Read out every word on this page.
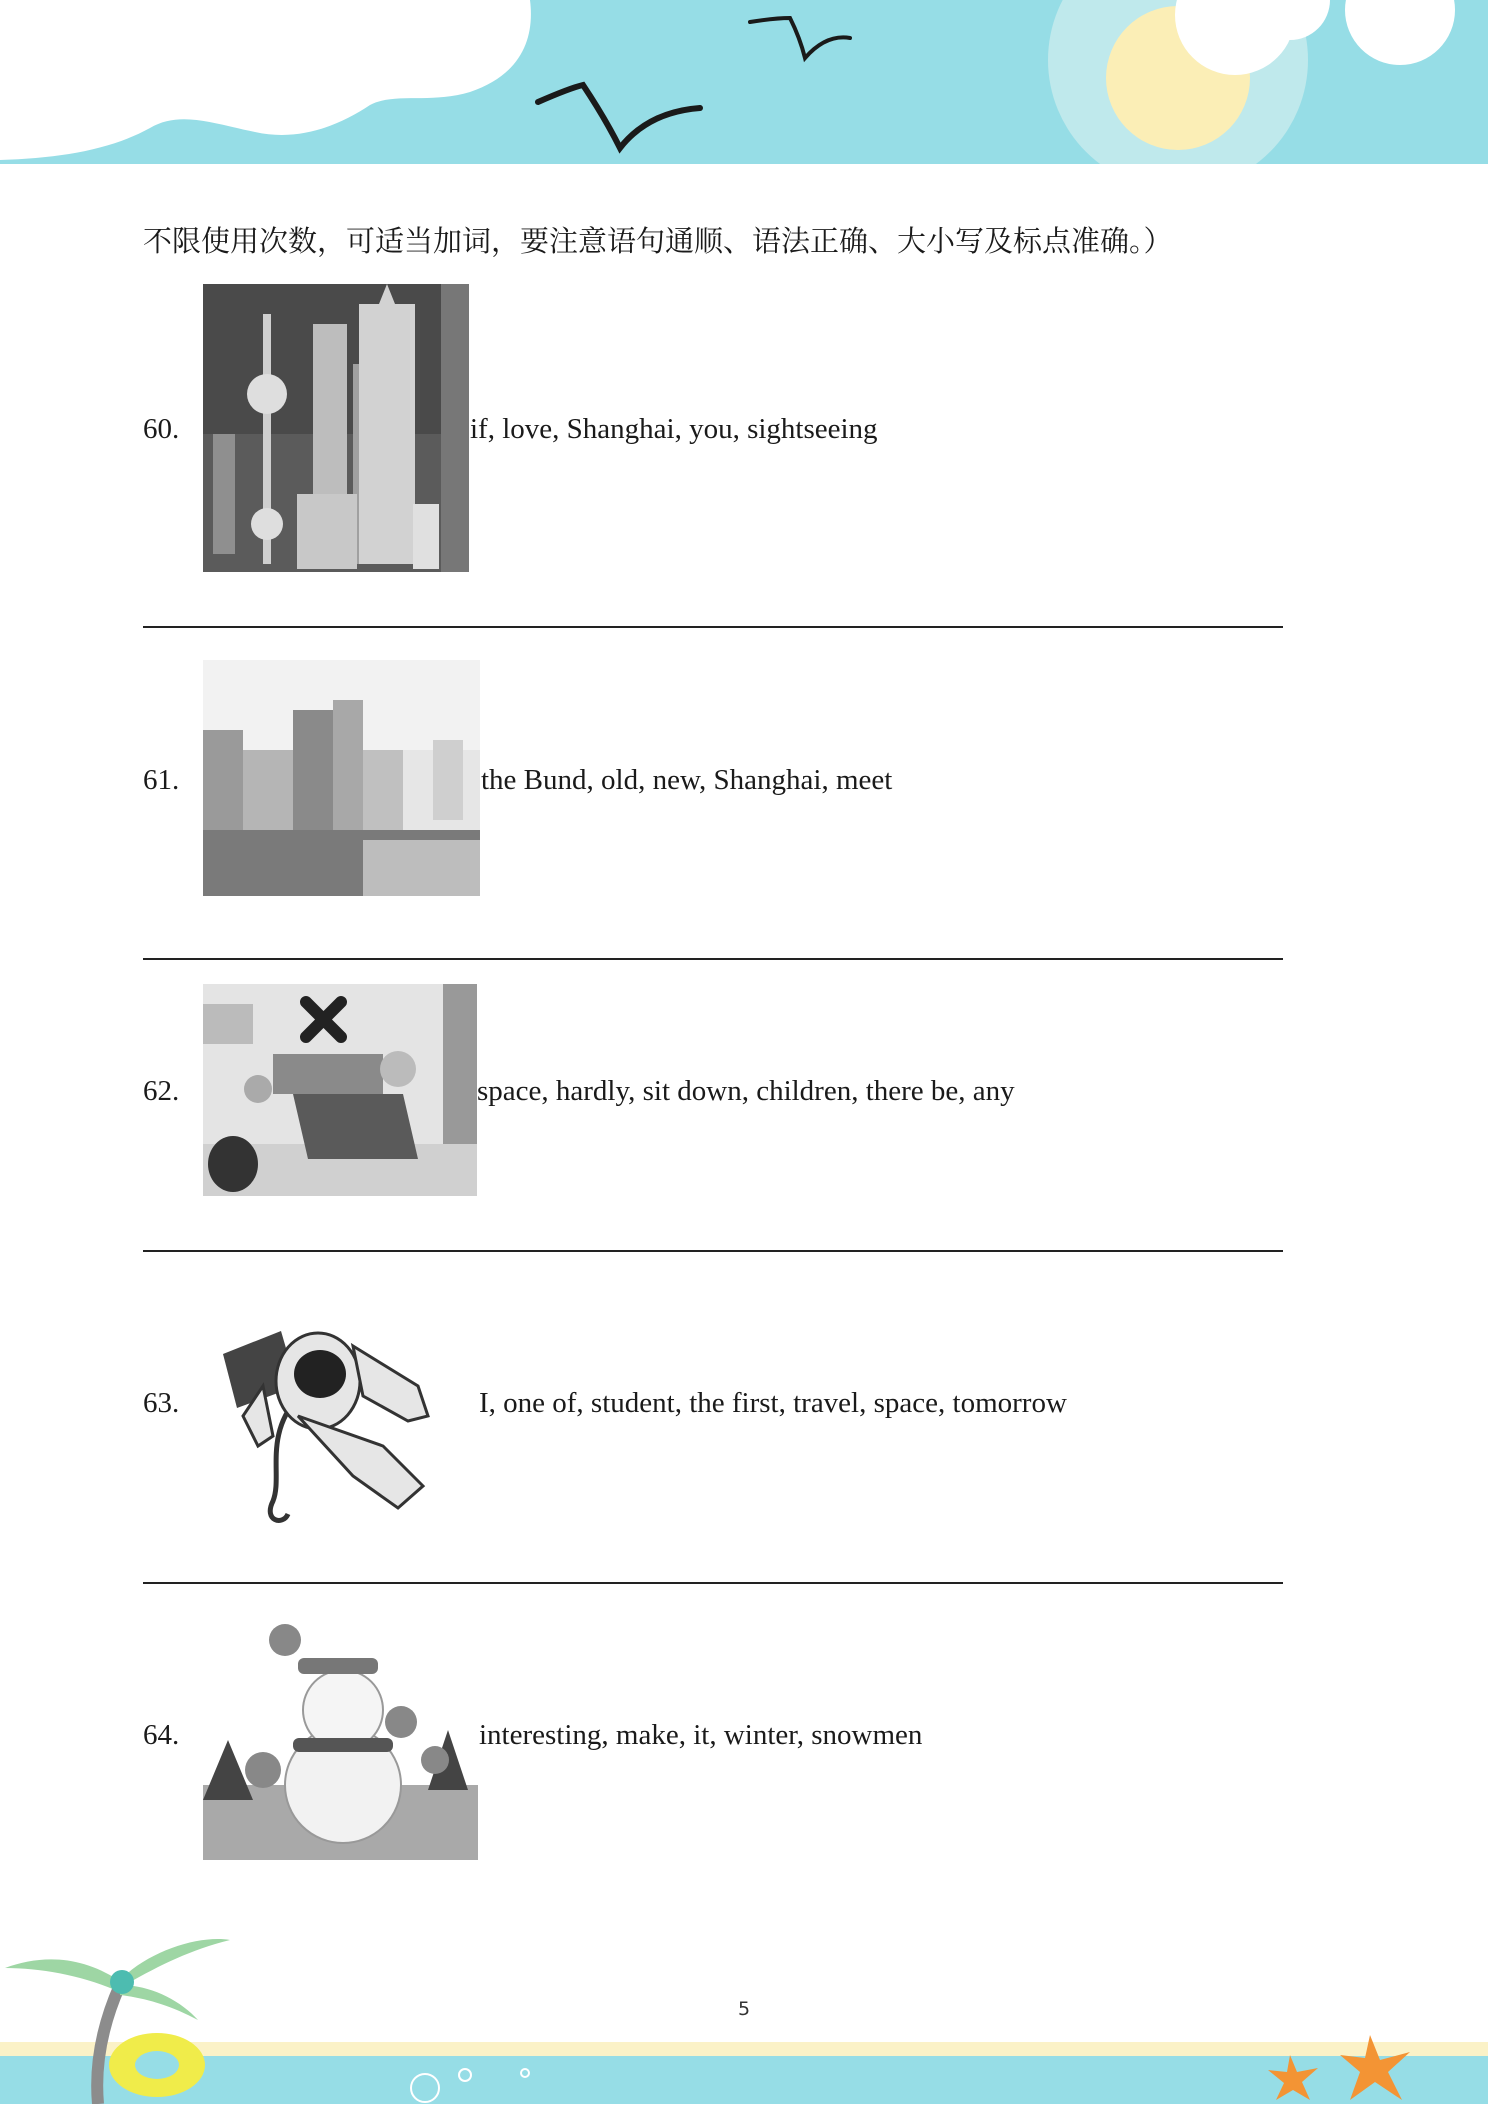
不限使用次数，可适当加词，要注意语句通顺、语法正确、大小写及标点准确。）
60.	if, love, Shanghai, you, sightseeing
61.	the Bund, old, new, Shanghai, meet
62.	space, hardly, sit down, children, there be, any
63.	I, one of, student, the first, travel, space, tomorrow
64.	interesting, make, it, winter, snowmen
5
